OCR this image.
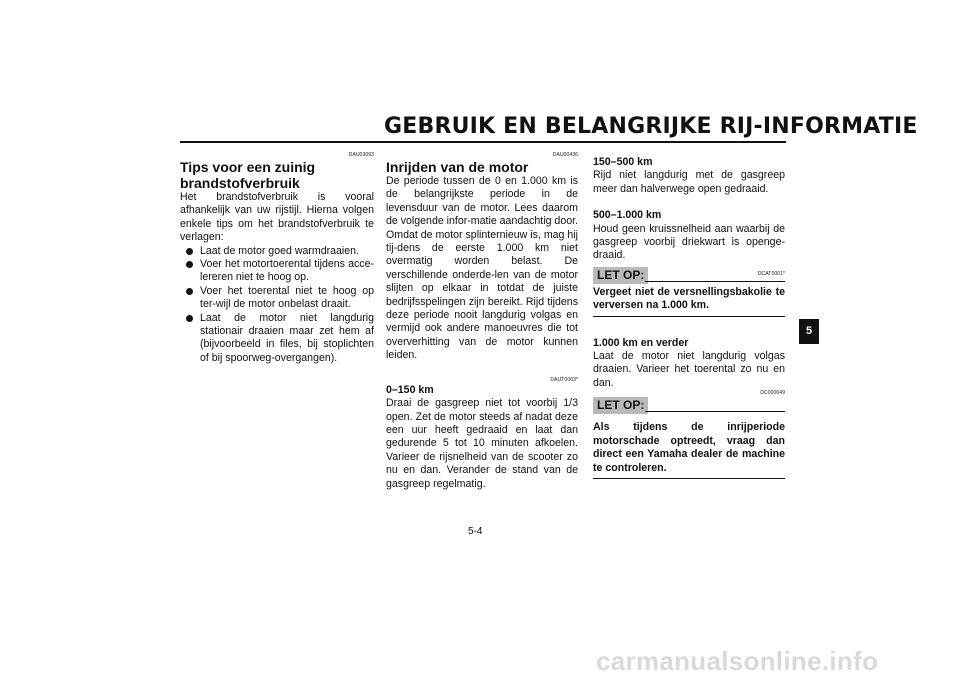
GEBRUIK EN BELANGRIJKE RIJ-INFORMATIE
DAU03093
Tips voor een zuinig brandstofverbruik

Het brandstofverbruik is vooral afhankelijk van uw rijstijl. Hierna volgen enkele tips om het brandstofverbruik te verlagen:

Laat de motor goed warmdraaien.
Voer het motortoerental tijdens acce-lereren niet te hoog op.
Voer het toerental niet te hoog op ter-wijl de motor onbelast draait.
Laat de motor niet langdurig stationair draaien maar zet hem af (bijvoorbeeld in files, bij stoplichten of bij spoorweg-overgangen).
DAU00436
Inrijden van de motor

De periode tussen de 0 en 1.000 km is de belangrijkste periode in de levensduur van de motor. Lees daarom de volgende infor-matie aandachtig door.

Omdat de motor splinternieuw is, mag hij tij-dens de eerste 1.000 km niet overmatig worden belast. De verschillende onderde-len van de motor slijten op elkaar in totdat de juiste bedrijfsspelingen zijn bereikt. Rijd tijdens deze periode nooit langdurig volgas en vermijd ook andere manoeuvres die tot oververhitting van de motor kunnen leiden.

DAUT0003*
0–150 km

Draai de gasgreep niet tot voorbij 1/3 open. Zet de motor steeds af nadat deze een uur heeft gedraaid en laat dan gedurende 5 tot 10 minuten afkoelen. Varieer de rijsnelheid van de scooter zo nu en dan. Verander de stand van de gasgreep regelmatig.

150–500 km

Rijd niet langdurig met de gasgreep meer dan halverwege open gedraaid.

500–1.000 km

Houd geen kruissnelheid aan waarbij de gasgreep voorbij driekwart is openge-draaid.

LET OP:	DCAT0001*
Vergeet niet de versnellingsbakolie te verversen na 1.000 km.
1.000 km en verder

Laat de motor niet langdurig volgas draaien. Varieer het toerental zo nu en dan.

DC000049
LET OP:
Als tijdens de inrijperiode motorschade optreedt, vraag dan direct een Yamaha dealer de machine te controleren.
5
5-4
carmanualsonline.info
